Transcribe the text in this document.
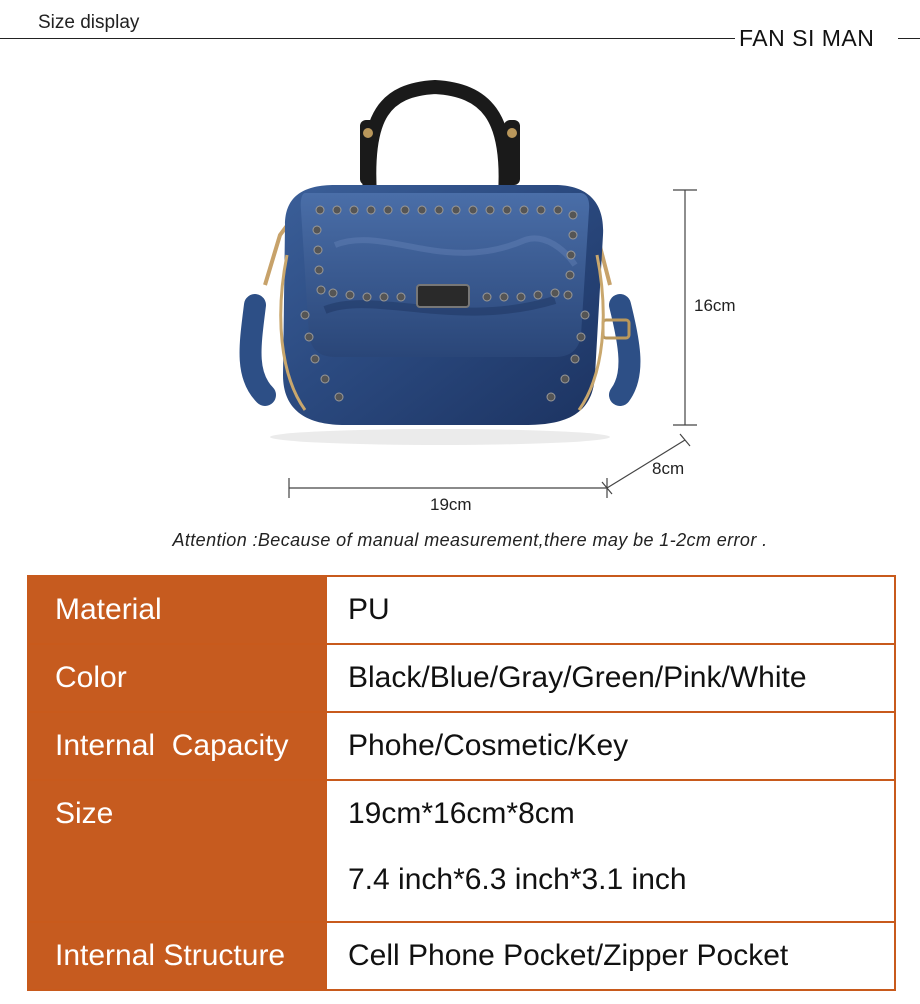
Size display
FAN SI MAN
16cm
8cm
19cm
Attention :Because of manual measurement,there may be 1-2cm error .
Material	PU

Color	Black/Blue/Gray/Green/Pink/White

Internal  Capacity	Phohe/Cosmetic/Key

Size	19cm*16cm*8cm
7.4 inch*6.3 inch*3.1 inch

Internal Structure	Cell Phone Pocket/Zipper Pocket
